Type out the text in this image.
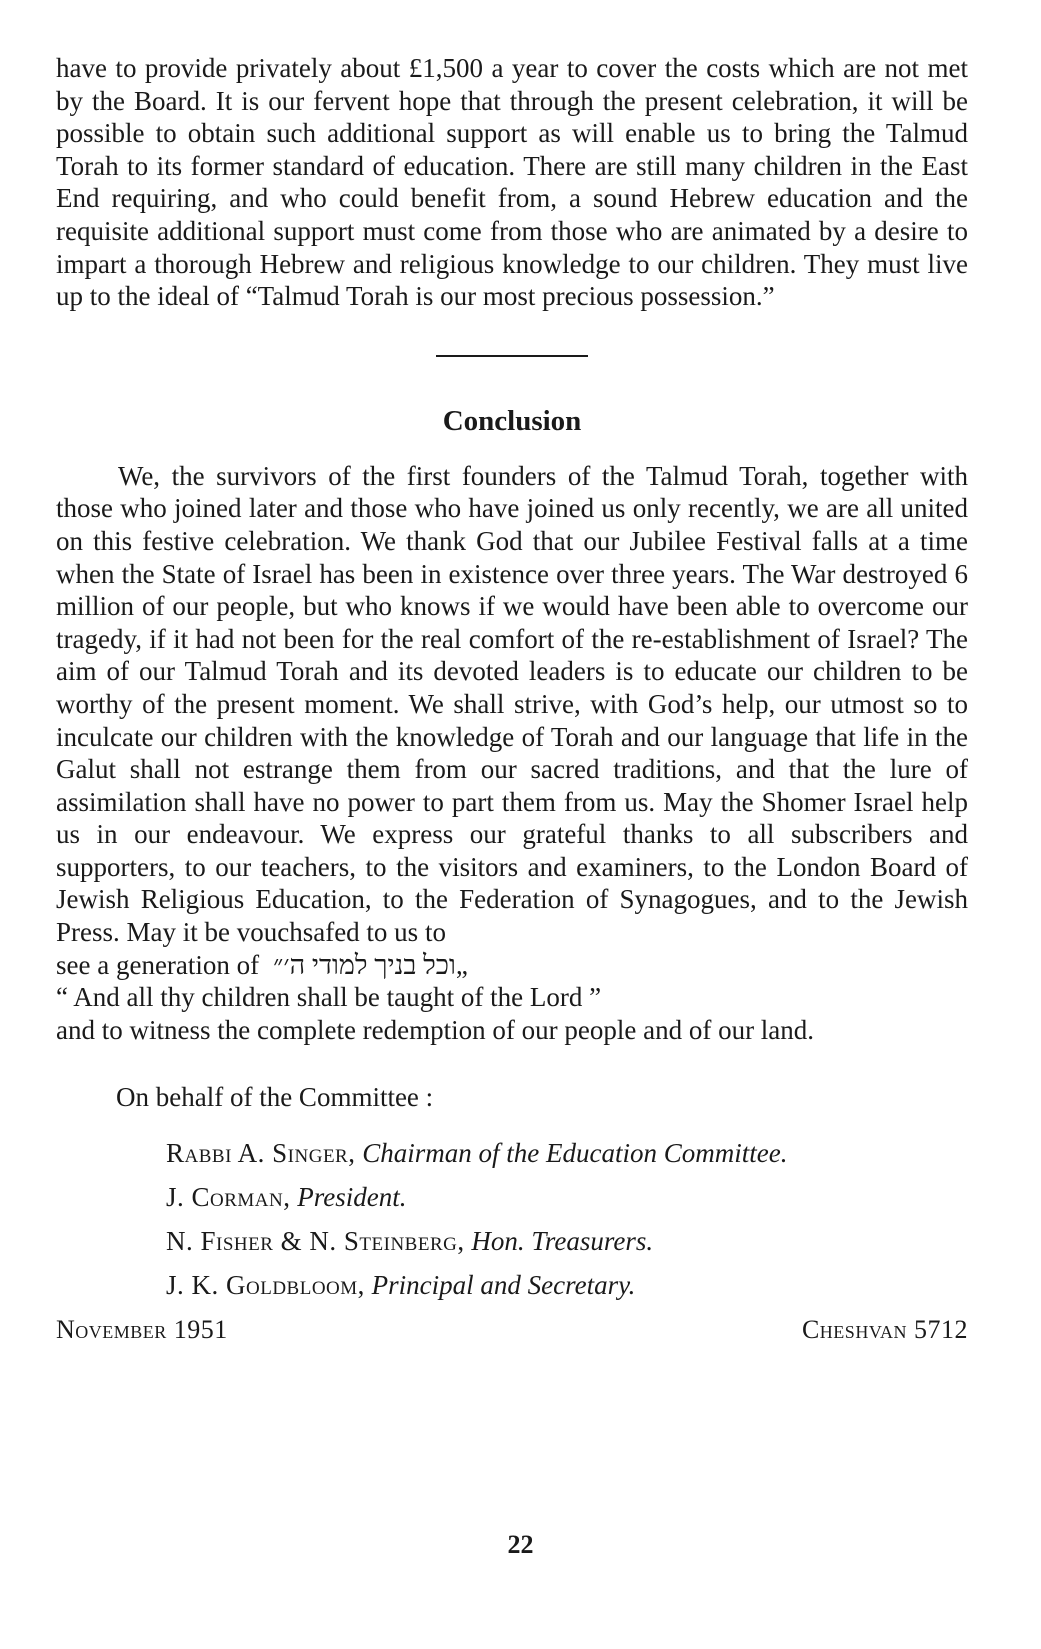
have to provide privately about £1,500 a year to cover the costs which are not met by the Board. It is our fervent hope that through the present celebration, it will be possible to obtain such additional support as will enable us to bring the Talmud Torah to its former standard of education. There are still many children in the East End requiring, and who could benefit from, a sound Hebrew education and the requisite additional support must come from those who are animated by a desire to impart a thorough Hebrew and religious knowledge to our children. They must live up to the ideal of “Talmud Torah is our most precious possession.”

Conclusion

We, the survivors of the first founders of the Talmud Torah, together with those who joined later and those who have joined us only recently, we are all united on this festive celebration. We thank God that our Jubilee Festival falls at a time when the State of Israel has been in existence over three years. The War destroyed 6 million of our people, but who knows if we would have been able to overcome our tragedy, if it had not been for the real comfort of the re-establishment of Israel? The aim of our Talmud Torah and its devoted leaders is to educate our children to be worthy of the present moment. We shall strive, with God’s help, our utmost so to inculcate our children with the knowledge of Torah and our language that life in the Galut shall not estrange them from our sacred traditions, and that the lure of assimilation shall have no power to part them from us. May the Shomer Israel help us in our endeavour. We express our grateful thanks to all subscribers and supporters, to our teachers, to the visitors and examiners, to the London Board of Jewish Religious Education, to the Federation of Synagogues, and to the Jewish Press. May it be vouchsafed to us to

see a generation of „וכל בניך למודי ה׳״
“ And all thy children shall be taught of the Lord ”
and to witness the complete redemption of our people and of our land.

On behalf of the Committee :

Rabbi A. Singer, Chairman of the Education Committee.
J. Corman, President.
N. Fisher & N. Steinberg, Hon. Treasurers.
J. K. Goldbloom, Principal and Secretary.
November 1951	Cheshvan 5712
22
